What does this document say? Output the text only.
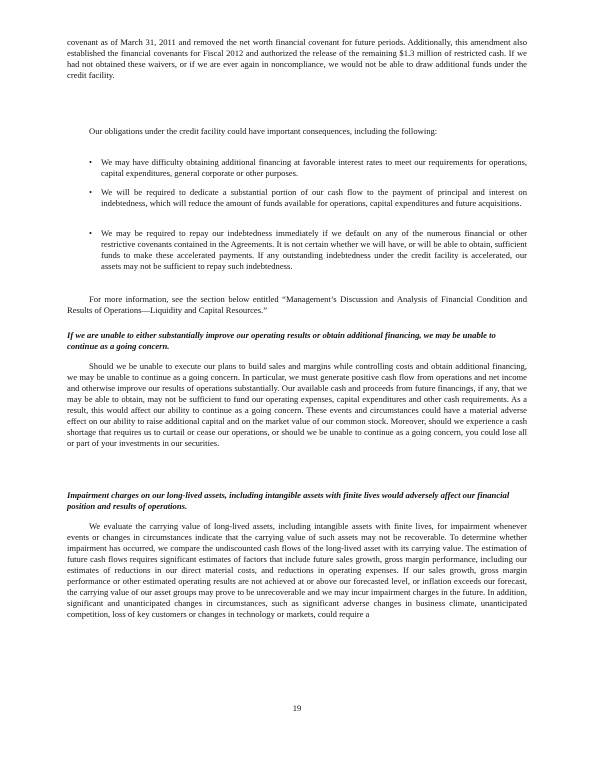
covenant as of March 31, 2011 and removed the net worth financial covenant for future periods. Additionally, this amendment also established the financial covenants for Fiscal 2012 and authorized the release of the remaining $1.3 million of restricted cash. If we had not obtained these waivers, or if we are ever again in noncompliance, we would not be able to draw additional funds under the credit facility.

Our obligations under the credit facility could have important consequences, including the following:

• We may have difficulty obtaining additional financing at favorable interest rates to meet our requirements for operations, capital expenditures, general corporate or other purposes.
• We will be required to dedicate a substantial portion of our cash flow to the payment of principal and interest on indebtedness, which will reduce the amount of funds available for operations, capital expenditures and future acquisitions.
• We may be required to repay our indebtedness immediately if we default on any of the numerous financial or other restrictive covenants contained in the Agreements. It is not certain whether we will have, or will be able to obtain, sufficient funds to make these accelerated payments. If any outstanding indebtedness under the credit facility is accelerated, our assets may not be sufficient to repay such indebtedness.

For more information, see the section below entitled “Management’s Discussion and Analysis of Financial Condition and Results of Operations—Liquidity and Capital Resources.”

If we are unable to either substantially improve our operating results or obtain additional financing, we may be unable to continue as a going concern.

Should we be unable to execute our plans to build sales and margins while controlling costs and obtain additional financing, we may be unable to continue as a going concern. In particular, we must generate positive cash flow from operations and net income and otherwise improve our results of operations substantially. Our available cash and proceeds from future financings, if any, that we may be able to obtain, may not be sufficient to fund our operating expenses, capital expenditures and other cash requirements. As a result, this would affect our ability to continue as a going concern. These events and circumstances could have a material adverse effect on our ability to raise additional capital and on the market value of our common stock. Moreover, should we experience a cash shortage that requires us to curtail or cease our operations, or should we be unable to continue as a going concern, you could lose all or part of your investments in our securities.

Impairment charges on our long-lived assets, including intangible assets with finite lives would adversely affect our financial position and results of operations.

We evaluate the carrying value of long-lived assets, including intangible assets with finite lives, for impairment whenever events or changes in circumstances indicate that the carrying value of such assets may not be recoverable. To determine whether impairment has occurred, we compare the undiscounted cash flows of the long-lived asset with its carrying value. The estimation of future cash flows requires significant estimates of factors that include future sales growth, gross margin performance, including our estimates of reductions in our direct material costs, and reductions in operating expenses. If our sales growth, gross margin performance or other estimated operating results are not achieved at or above our forecasted level, or inflation exceeds our forecast, the carrying value of our asset groups may prove to be unrecoverable and we may incur impairment charges in the future. In addition, significant and unanticipated changes in circumstances, such as significant adverse changes in business climate, unanticipated competition, loss of key customers or changes in technology or markets, could require a

19
